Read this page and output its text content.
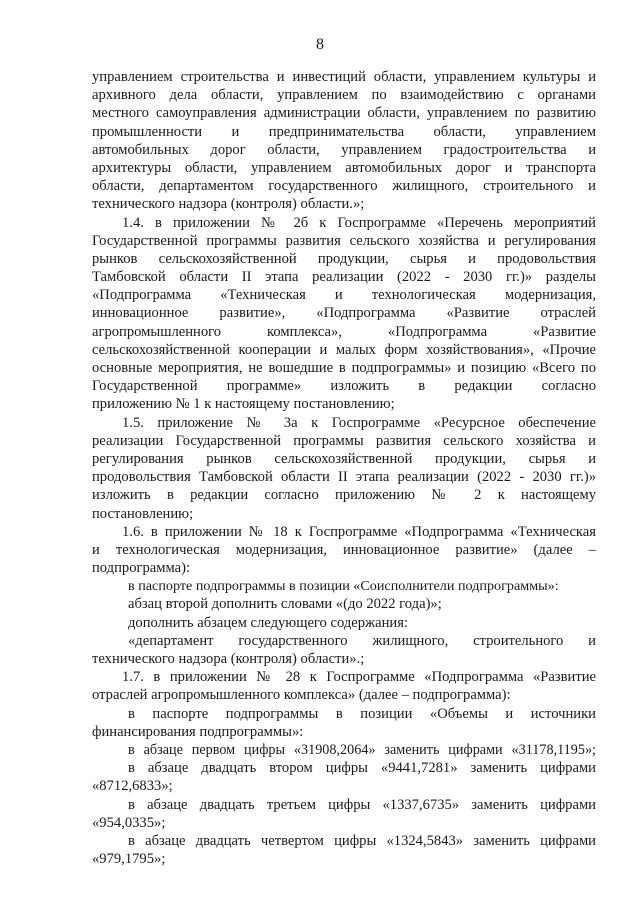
8
управлением строительства и инвестиций области, управлением культуры и
архивного дела области, управлением по взаимодействию с органами
местного самоуправления администрации области, управлением по развитию
промышленности и предпринимательства области, управлением
автомобильных дорог области, управлением градостроительства и
архитектуры области, управлением автомобильных дорог и транспорта
области, департаментом государственного жилищного, строительного и
технического надзора (контроля) области.»;
1.4. в приложении № 2б к Госпрограмме «Перечень мероприятий
Государственной программы развития сельского хозяйства и регулирования
рынков сельскохозяйственной продукции, сырья и продовольствия
Тамбовской области II этапа реализации (2022 - 2030 гг.)» разделы
«Подпрограмма «Техническая и технологическая модернизация,
инновационное развитие», «Подпрограмма «Развитие отраслей
агропромышленного комплекса», «Подпрограмма «Развитие
сельскохозяйственной кооперации и малых форм хозяйствования», «Прочие
основные мероприятия, не вошедшие в подпрограммы» и позицию «Всего по
Государственной программе» изложить в редакции согласно
приложению № 1 к настоящему постановлению;
1.5. приложение № 3а к Госпрограмме «Ресурсное обеспечение
реализации Государственной программы развития сельского хозяйства и
регулирования рынков сельскохозяйственной продукции, сырья и
продовольствия Тамбовской области II этапа реализации (2022 - 2030 гг.)»
изложить в редакции согласно приложению № 2 к настоящему
постановлению;
1.6. в приложении № 18 к Госпрограмме «Подпрограмма «Техническая
и технологическая модернизация, инновационное развитие» (далее –
подпрограмма):
в паспорте подпрограммы в позиции «Соисполнители подпрограммы»:
абзац второй дополнить словами «(до 2022 года)»;
дополнить абзацем следующего содержания:
«департамент государственного жилищного, строительного и
технического надзора (контроля) области».;
1.7. в приложении № 28 к Госпрограмме «Подпрограмма «Развитие
отраслей агропромышленного комплекса» (далее – подпрограмма):
в паспорте подпрограммы в позиции «Объемы и источники
финансирования подпрограммы»:
в абзаце первом цифры «31908,2064» заменить цифрами «31178,1195»;
в абзаце двадцать втором цифры «9441,7281» заменить цифрами
«8712,6833»;
в абзаце двадцать третьем цифры «1337,6735» заменить цифрами
«954,0335»;
в абзаце двадцать четвертом цифры «1324,5843» заменить цифрами
«979,1795»;
